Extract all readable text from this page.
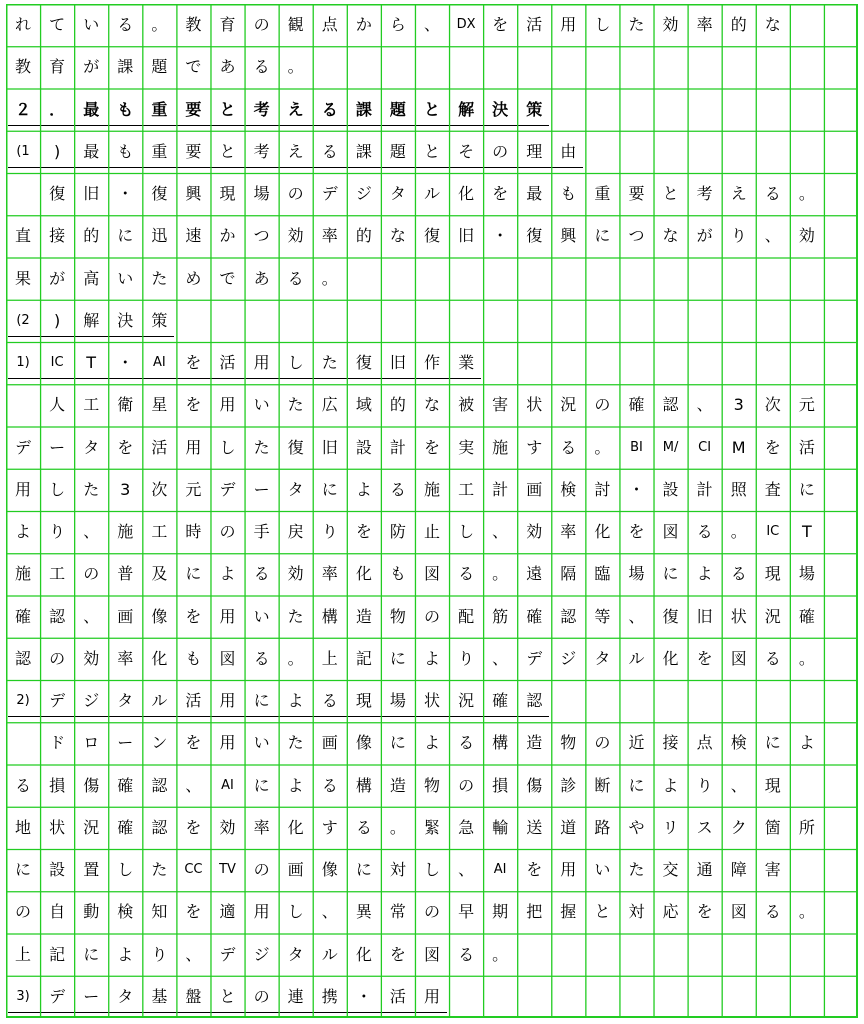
れ	て	い	る	。	教	育	の	観	点	か	ら	、	DX	を	活	用	し	た	効	率	的	な
教	育	が	課	題	で	あ	る	。
２	．	最	も	重	要	と	考	え	る	課	題	と	解	決	策
(1	)	最	も	重	要	と	考	え	る	課	題	と	そ	の	理	由

復	旧	・	復	興	現	場	の	デ	ジ	タ	ル	化	を	最	も	重	要	と	考	え	る	。
直	接	的	に	迅	速	か	つ	効	率	的	な	復	旧	・	復	興	に	つ	な	が	り	、	効
果	が	高	い	た	め	で	あ	る	。
(2	)	解	決	策
1)	IC	T	・	AI	を	活	用	し	た	復	旧	作	業

人	工	衛	星	を	用	い	た	広	域	的	な	被	害	状	況	の	確	認	、	3	次	元
デ	ー	タ	を	活	用	し	た	復	旧	設	計	を	実	施	す	る	。	BI	M/	CI	M	を	活
用	し	た	3	次	元	デ	ー	タ	に	よ	る	施	工	計	画	検	討	・	設	計	照	査	に
よ	り	、	施	工	時	の	手	戻	り	を	防	止	し	、	効	率	化	を	図	る	。	IC	T
施	工	の	普	及	に	よ	る	効	率	化	も	図	る	。	遠	隔	臨	場	に	よ	る	現	場
確	認	、	画	像	を	用	い	た	構	造	物	の	配	筋	確	認	等	、	復	旧	状	況	確
認	の	効	率	化	も	図	る	。	上	記	に	よ	り	、	デ	ジ	タ	ル	化	を	図	る	。
2)	デ	ジ	タ	ル	活	用	に	よ	る	現	場	状	況	確	認

ド	ロ	ー	ン	を	用	い	た	画	像	に	よ	る	構	造	物	の	近	接	点	検	に	よ
る	損	傷	確	認	、	AI	に	よ	る	構	造	物	の	損	傷	診	断	に	よ	り	、	現
地	状	況	確	認	を	効	率	化	す	る	。	緊	急	輸	送	道	路	や	リ	ス	ク	箇	所
に	設	置	し	た	CC	TV	の	画	像	に	対	し	、	AI	を	用	い	た	交	通	障	害
の	自	動	検	知	を	適	用	し	、	異	常	の	早	期	把	握	と	対	応	を	図	る	。
上	記	に	よ	り	、	デ	ジ	タ	ル	化	を	図	る	。
3)	デ	ー	タ	基	盤	と	の	連	携	・	活	用
